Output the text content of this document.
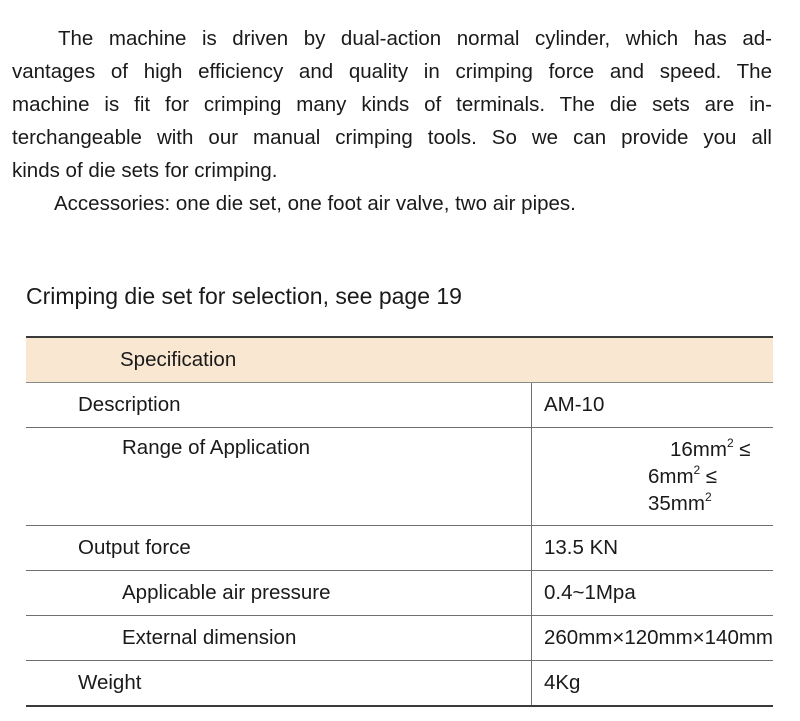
The machine is driven by dual-action normal cylinder, which has ad-
vantages of high efficiency and quality in crimping force and speed. The
machine is fit for crimping many kinds of terminals. The die sets are in-
terchangeable with our manual crimping tools. So we can provide you all
kinds of die sets for crimping.
Accessories: one die set, one foot air valve, two air pipes.
Crimping die set for selection, see page 19
Specification	
Description	AM-10
Range of Application	$16mm^2$ ≤
$6mm^2$ ≤
$35mm^2$

Output force	13.5 KN
Applicable air pressure	0.4~1Mpa
External dimension	260mm×120mm×140mm
Weight	4Kg
